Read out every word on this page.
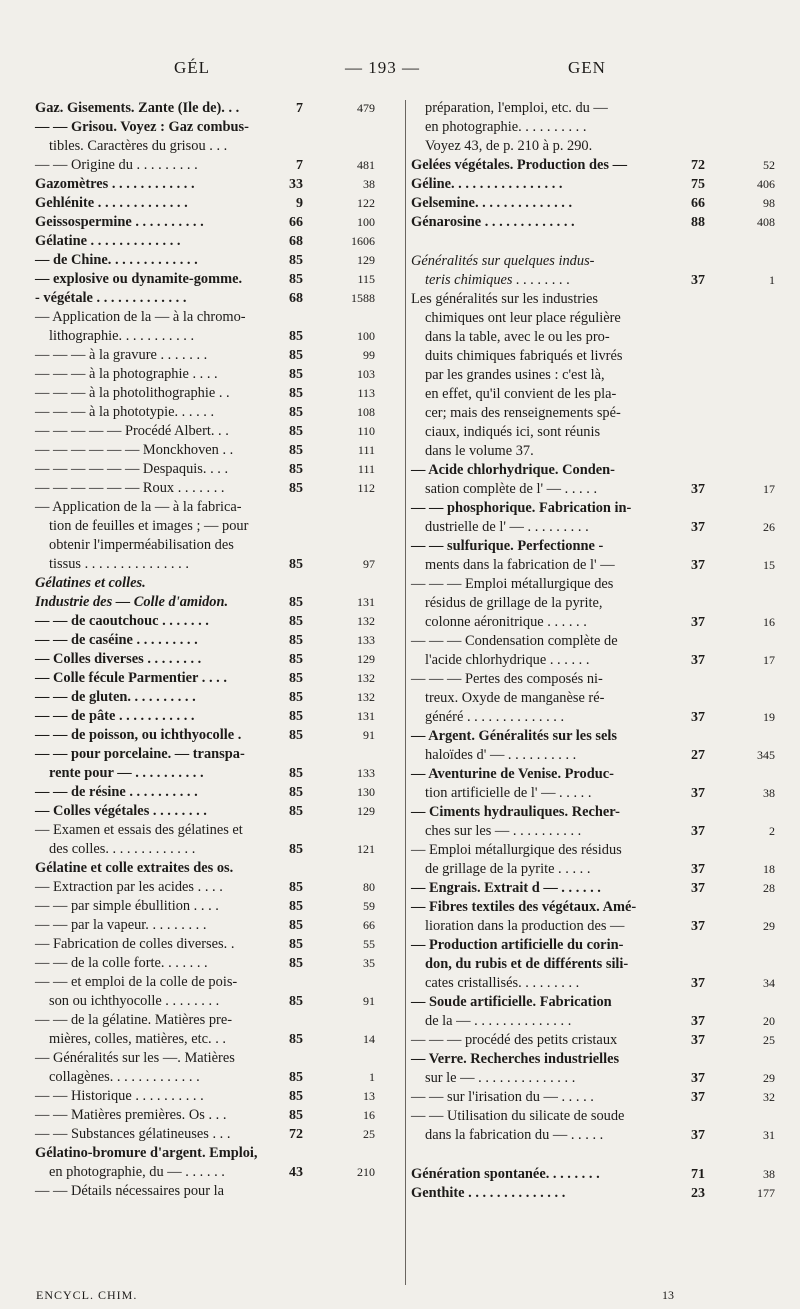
GÉL	— 193 —	GEN
Gaz. Gisements. Zante (Ile de). . .	7	479
— — Grisou. Voyez : Gaz combus-
tibles. Caractères du grisou . . .
— — Origine du . . . . . . . . .	7	481
Gazomètres . . . . . . . . . . . .	33	38
Gehlénite . . . . . . . . . . . . .	9	122
Geissospermine . . . . . . . . . .	66	100
Gélatine . . . . . . . . . . . . .	68	1606
— de Chine. . . . . . . . . . . . .	85	129
— explosive ou dynamite-gomme.	85	115
- végétale . . . . . . . . . . . . .	68	1588
— Application de la — à la chromo-
lithographie. . . . . . . . . . .	85	100
— — — à la gravure . . . . . . .	85	99
— — — à la photographie . . . .	85	103
— — — à la photolithographie . .	85	113
— — — à la phototypie. . . . . .	85	108
— — — — — Procédé Albert. . .	85	110
— — — — — — Monckhoven . .	85	111
— — — — — — Despaquis. . . .	85	111
— — — — — — Roux . . . . . . .	85	112
— Application de la — à la fabrica-
tion de feuilles et images ; — pour
obtenir l'imperméabilisation des
tissus . . . . . . . . . . . . . . .	85	97
Gélatines et colles.
Industrie des — Colle d'amidon.	85	131
— — de caoutchouc . . . . . . .	85	132
— — de caséine . . . . . . . . .	85	133
— Colles diverses . . . . . . . .	85	129
— Colle fécule Parmentier . . . .	85	132
— — de gluten. . . . . . . . . .	85	132
— — de pâte . . . . . . . . . . .	85	131
— — de poisson, ou ichthyocolle .	85	91
— — pour porcelaine. — transpa-
rente pour — . . . . . . . . . .	85	133
— — de résine . . . . . . . . . .	85	130
— Colles végétales . . . . . . . .	85	129
— Examen et essais des gélatines et
des colles. . . . . . . . . . . . .	85	121
Gélatine et colle extraites des os.
— Extraction par les acides . . . .	85	80
— — par simple ébullition . . . .	85	59
— — par la vapeur. . . . . . . . .	85	66
— Fabrication de colles diverses. .	85	55
— — de la colle forte. . . . . . .	85	35
— — et emploi de la colle de pois-
son ou ichthyocolle . . . . . . . .	85	91
— — de la gélatine. Matières pre-
mières, colles, matières, etc. . .	85	14
— Généralités sur les —. Matières
collagènes. . . . . . . . . . . . .	85	1
— — Historique . . . . . . . . . .	85	13
— — Matières premières. Os . . .	85	16
— — Substances gélatineuses . . .	72	25
Gélatino-bromure d'argent. Emploi,
en photographie, du — . . . . . .	43	210
— — Détails nécessaires pour la
préparation, l'emploi, etc. du —
en photographie. . . . . . . . . .
Voyez 43, de p. 210 à p. 290.
Gelées végétales. Production des —	72	52
Géline. . . . . . . . . . . . . . . .	75	406
Gelsemine. . . . . . . . . . . . . .	66	98
Génarosine . . . . . . . . . . . . .	88	408
Généralités sur quelques indus-
teris chimiques . . . . . . . .	37	1
Les généralités sur les industries
chimiques ont leur place régulière
dans la table, avec le ou les pro-
duits chimiques fabriqués et livrés
par les grandes usines : c'est là,
en effet, qu'il convient de les pla-
cer; mais des renseignements spé-
ciaux, indiqués ici, sont réunis
dans le volume 37.
— Acide chlorhydrique. Conden-
sation complète de l' — . . . . .	37	17
— — phosphorique. Fabrication in-
dustrielle de l' — . . . . . . . . .	37	26
— — sulfurique. Perfectionne -
ments dans la fabrication de l' —	37	15
— — — Emploi métallurgique des
résidus de grillage de la pyrite,
colonne aéronitrique . . . . . .	37	16
— — — Condensation complète de
l'acide chlorhydrique . . . . . .	37	17
— — — Pertes des composés ni-
treux. Oxyde de manganèse ré-
généré . . . . . . . . . . . . . .	37	19
— Argent. Généralités sur les sels
haloïdes d' — . . . . . . . . . .	27	345
— Aventurine de Venise. Produc-
tion artificielle de l' — . . . . .	37	38
— Ciments hydrauliques. Recher-
ches sur les — . . . . . . . . . .	37	2
— Emploi métallurgique des résidus
de grillage de la pyrite . . . . .	37	18
— Engrais. Extrait d — . . . . . .	37	28
— Fibres textiles des végétaux. Amé-
lioration dans la production des —	37	29
— Production artificielle du corin-
don, du rubis et de différents sili-
cates cristallisés. . . . . . . . .	37	34
— Soude artificielle. Fabrication
de la — . . . . . . . . . . . . . .	37	20
— — — procédé des petits cristaux	37	25
— Verre. Recherches industrielles
sur le — . . . . . . . . . . . . . .	37	29
— — sur l'irisation du — . . . . .	37	32
— — Utilisation du silicate de soude
dans la fabrication du — . . . . .	37	31
Génération spontanée. . . . . . . .	71	38
Genthite . . . . . . . . . . . . . .	23	177
ENCYCL. CHIM.	13
